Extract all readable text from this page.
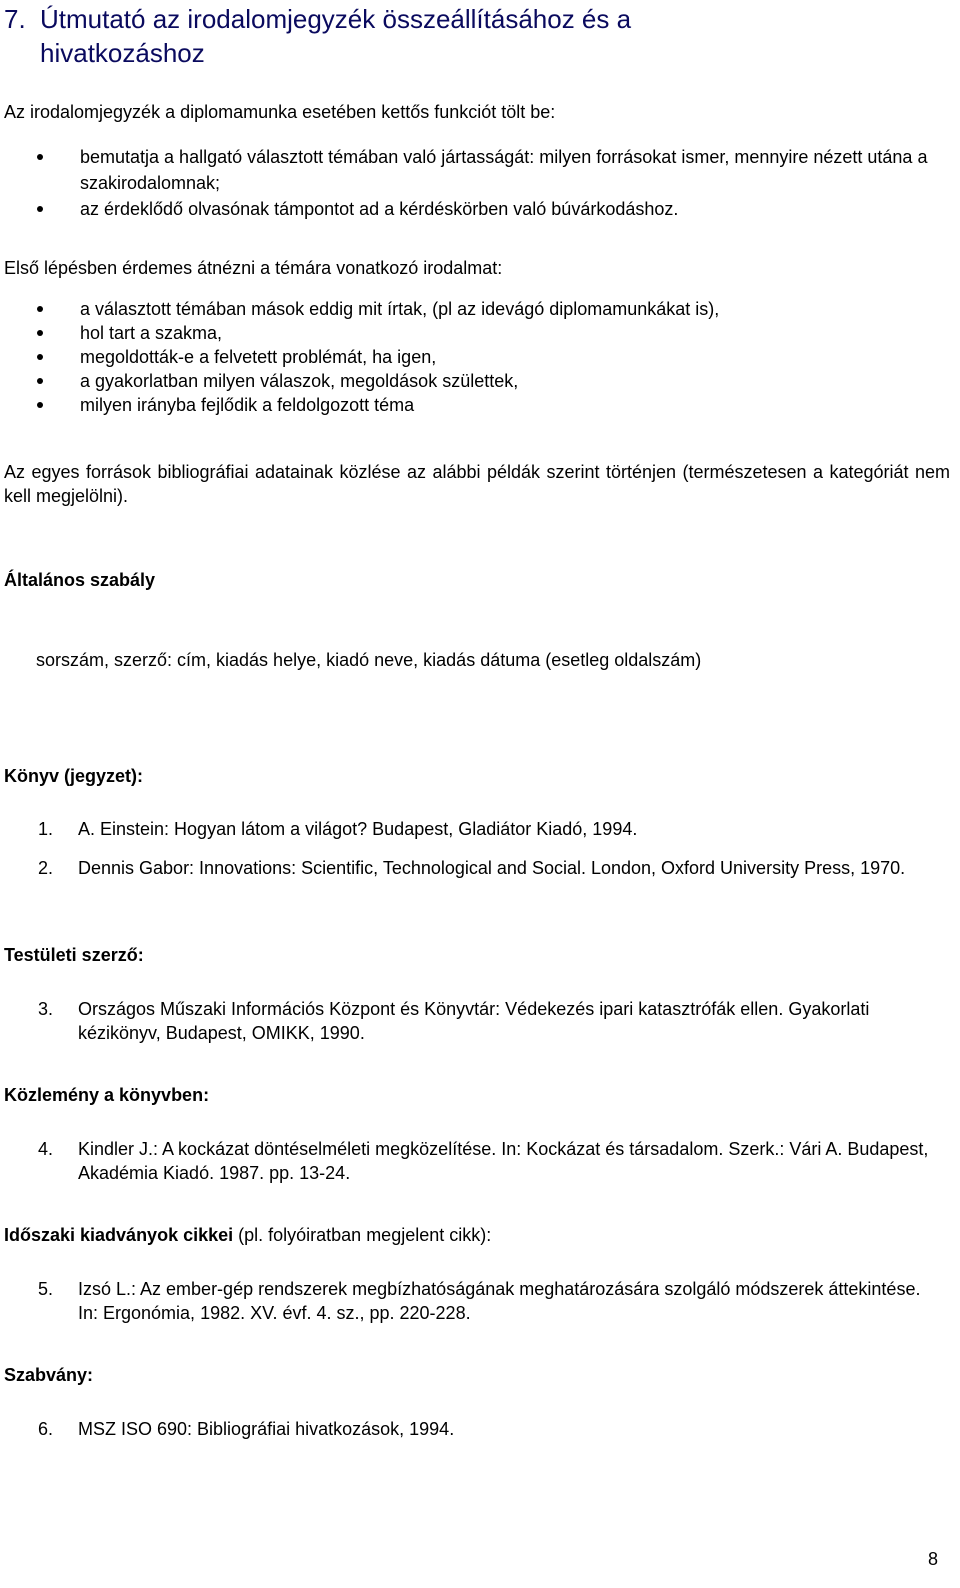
7. Útmutató az irodalomjegyzék összeállításához és a
hivatkozáshoz

Az irodalomjegyzék a diplomamunka esetében kettős funkciót tölt be:

bemutatja a hallgató választott témában való jártasságát: milyen forrásokat ismer, mennyire nézett utána a szakirodalomnak;
az érdeklődő olvasónak támpontot ad a kérdéskörben való búvárkodáshoz.

Első lépésben érdemes átnézni a témára vonatkozó irodalmat:

a választott témában mások eddig mit írtak, (pl az idevágó diplomamunkákat is),
hol tart a szakma,
megoldották-e a felvetett problémát, ha igen,
a gyakorlatban milyen válaszok, megoldások születtek,
milyen irányba fejlődik a feldolgozott téma

Az egyes források bibliográfiai adatainak közlése az alábbi példák szerint történjen (természetesen a kategóriát nem kell megjelölni).

Általános szabály
sorszám, szerző: cím, kiadás helye, kiadó neve, kiadás dátuma (esetleg oldalszám)
Könyv (jegyzet):
1. A. Einstein: Hogyan látom a világot? Budapest, Gladiátor Kiadó, 1994.
2. Dennis Gabor: Innovations: Scientific, Technological and Social. London, Oxford University Press, 1970.
Testületi szerző:
3. Országos Műszaki Információs Központ és Könyvtár: Védekezés ipari katasztrófák ellen. Gyakorlati kézikönyv, Budapest, OMIKK, 1990.
Közlemény a könyvben:
4. Kindler J.: A kockázat döntéselméleti megközelítése. In: Kockázat és társadalom. Szerk.: Vári A. Budapest, Akadémia Kiadó. 1987. pp. 13-24.
Időszaki kiadványok cikkei (pl. folyóiratban megjelent cikk):
5. Izsó L.: Az ember-gép rendszerek megbízhatóságának meghatározására szolgáló módszerek áttekintése. In: Ergonómia, 1982. XV. évf. 4. sz., pp. 220-228.
Szabvány:
6. MSZ ISO 690: Bibliográfiai hivatkozások, 1994.
8
